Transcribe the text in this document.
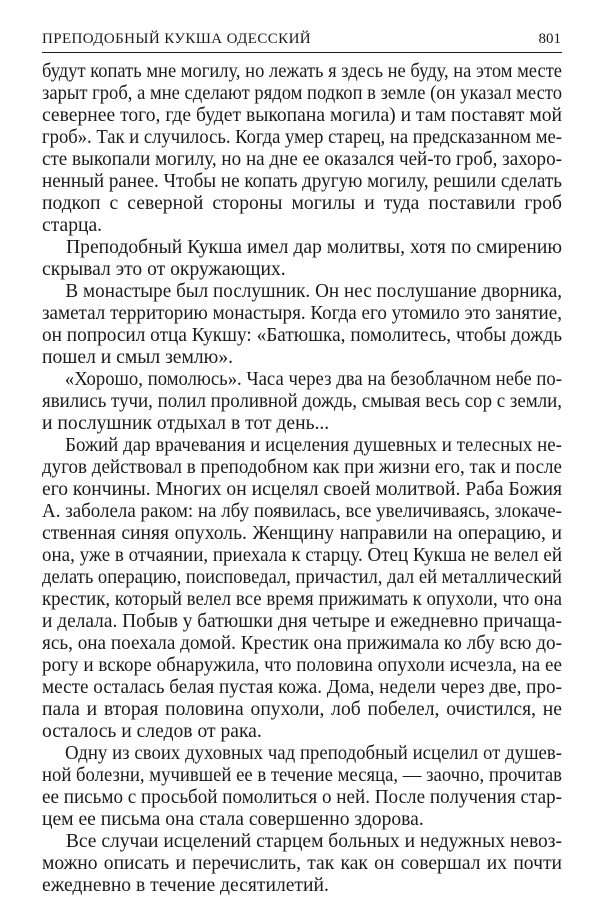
ПРЕПОДОБНЫЙ КУКША ОДЕССКИЙ	801
будут копать мне могилу, но лежать я здесь не буду, на этом месте
зарыт гроб, а мне сделают рядом подкоп в земле (он указал место
севернее того, где будет выкопана могила) и там поставят мой
гроб». Так и случилось. Когда умер старец, на предсказанном ме-
сте выкопали могилу, но на дне ее оказался чей-то гроб, захоро-
ненный ранее. Чтобы не копать другую могилу, решили сделать
подкоп с северной стороны могилы и туда поставили гроб
старца.
Преподобный Кукша имел дар молитвы, хотя по смирению
скрывал это от окружающих.
В монастыре был послушник. Он нес послушание дворника,
заметал территорию монастыря. Когда его утомило это занятие,
он попросил отца Кукшу: «Батюшка, помолитесь, чтобы дождь
пошел и смыл землю».
«Хорошо, помолюсь». Часа через два на безоблачном небе по-
явились тучи, полил проливной дождь, смывая весь сор с земли,
и послушник отдыхал в тот день...
Божий дар врачевания и исцеления душевных и телесных не-
дугов действовал в преподобном как при жизни его, так и после
его кончины. Многих он исцелял своей молитвой. Раба Божия
А. заболела раком: на лбу появилась, все увеличиваясь, злокаче-
ственная синяя опухоль. Женщину направили на операцию, и
она, уже в отчаянии, приехала к старцу. Отец Кукша не велел ей
делать операцию, поисповедал, причастил, дал ей металлический
крестик, который велел все время прижимать к опухоли, что она
и делала. Побыв у батюшки дня четыре и ежедневно причаща-
ясь, она поехала домой. Крестик она прижимала ко лбу всю до-
рогу и вскоре обнаружила, что половина опухоли исчезла, на ее
месте осталась белая пустая кожа. Дома, недели через две, про-
пала и вторая половина опухоли, лоб побелел, очистился, не
осталось и следов от рака.
Одну из своих духовных чад преподобный исцелил от душев-
ной болезни, мучившей ее в течение месяца, — заочно, прочитав
ее письмо с просьбой помолиться о ней. После получения стар-
цем ее письма она стала совершенно здорова.
Все случаи исцелений старцем больных и недужных невоз-
можно описать и перечислить, так как он совершал их почти
ежедневно в течение десятилетий.
